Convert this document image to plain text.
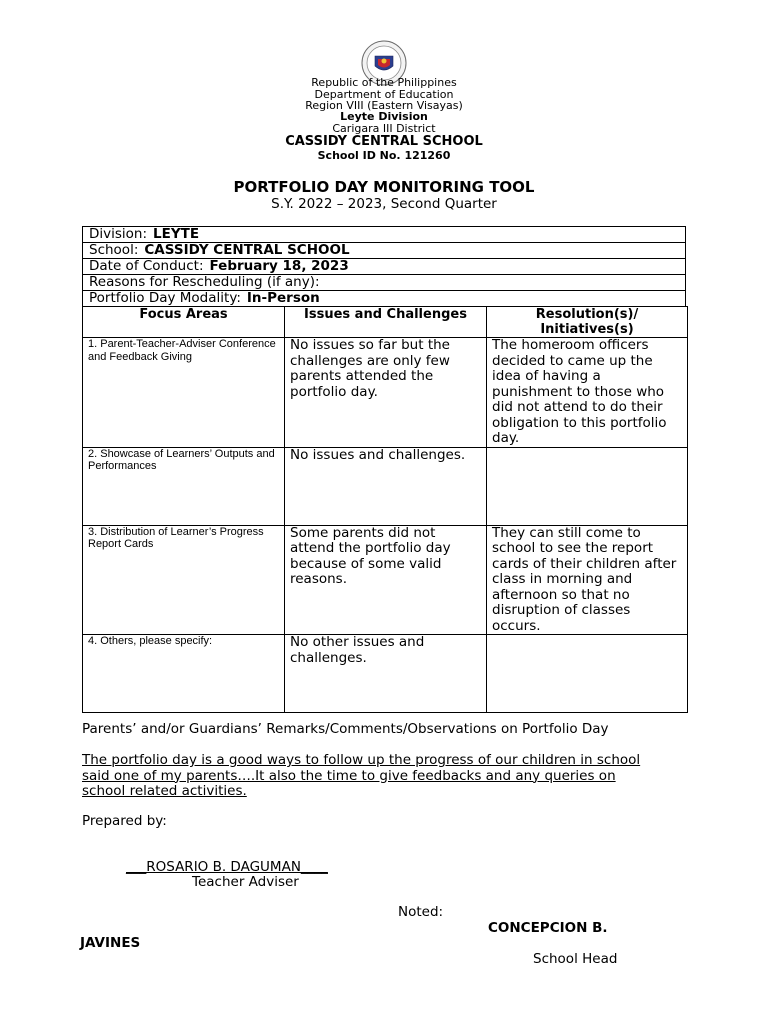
Republic of the Philippines
Department of Education
Region VIII (Eastern Visayas)
Leyte Division
Carigara III District
CASSIDY CENTRAL SCHOOL
School ID No. 121260
PORTFOLIO DAY MONITORING TOOL
S.Y. 2022 – 2023, Second Quarter
Division: LEYTE
School: CASSIDY CENTRAL SCHOOL
Date of Conduct: February 18, 2023
Reasons for Rescheduling (if any):
Portfolio Day Modality: In-Person
Focus Areas	Issues and Challenges	Resolution(s)/ Initiatives(s)
1. Parent-Teacher-Adviser Conference and Feedback Giving	No issues so far but the challenges are only few parents attended the portfolio day.	The homeroom officers decided to came up the idea of having a punishment to those who did not attend to do their obligation to this portfolio day.
2. Showcase of Learners’ Outputs and Performances	No issues and challenges.	
3. Distribution of Learner’s Progress Report Cards	Some parents did not attend the portfolio day because of some valid reasons.	They can still come to school to see the report cards of their children after class in morning and afternoon so that no disruption of classes occurs.
4. Others, please specify:	No other issues and challenges.	
Parents’ and/or Guardians’ Remarks/Comments/Observations on Portfolio Day
The portfolio day is a good ways to follow up the progress of our children in school said one of my parents….It also the time to give feedbacks and any queries on school related activities.
Prepared by:
___ROSARIO B. DAGUMAN____
Teacher Adviser
Noted:
CONCEPCION B.
JAVINES
School Head
